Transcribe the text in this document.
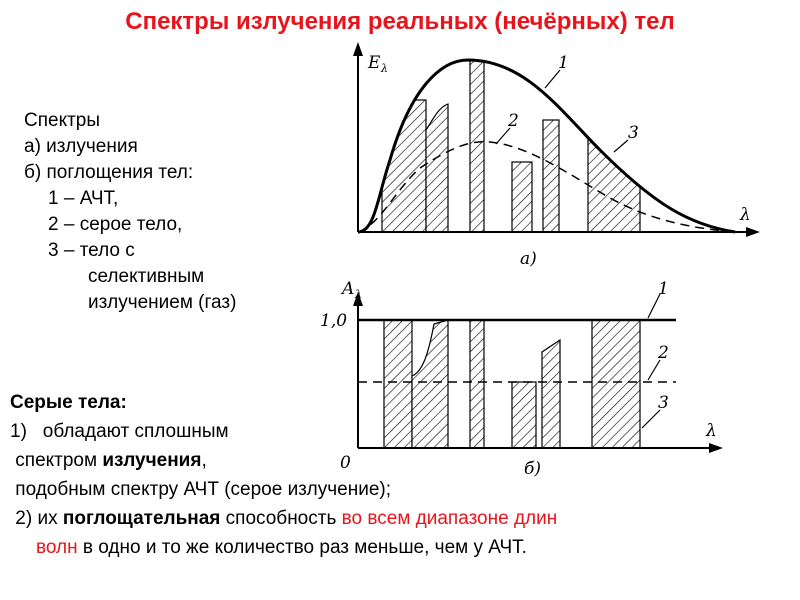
Спектры излучения реальных (нечёрных) тел
Спектры
а) излучения
б) поглощения тел:
1 – АЧТ,
2 – серое тело,
3 – тело с
селективным
излучением (газ)
E λ
λ
а)
1
2
3
A λ
1,0
0
λ
б)
1
2
3
Серые тела:
1) обладают сплошным
спектром излучения,
подобным спектру АЧТ (серое излучение);
2) их поглощательная способность во всем диапазоне длин
волн в одно и то же количество раз меньше, чем у АЧТ.
